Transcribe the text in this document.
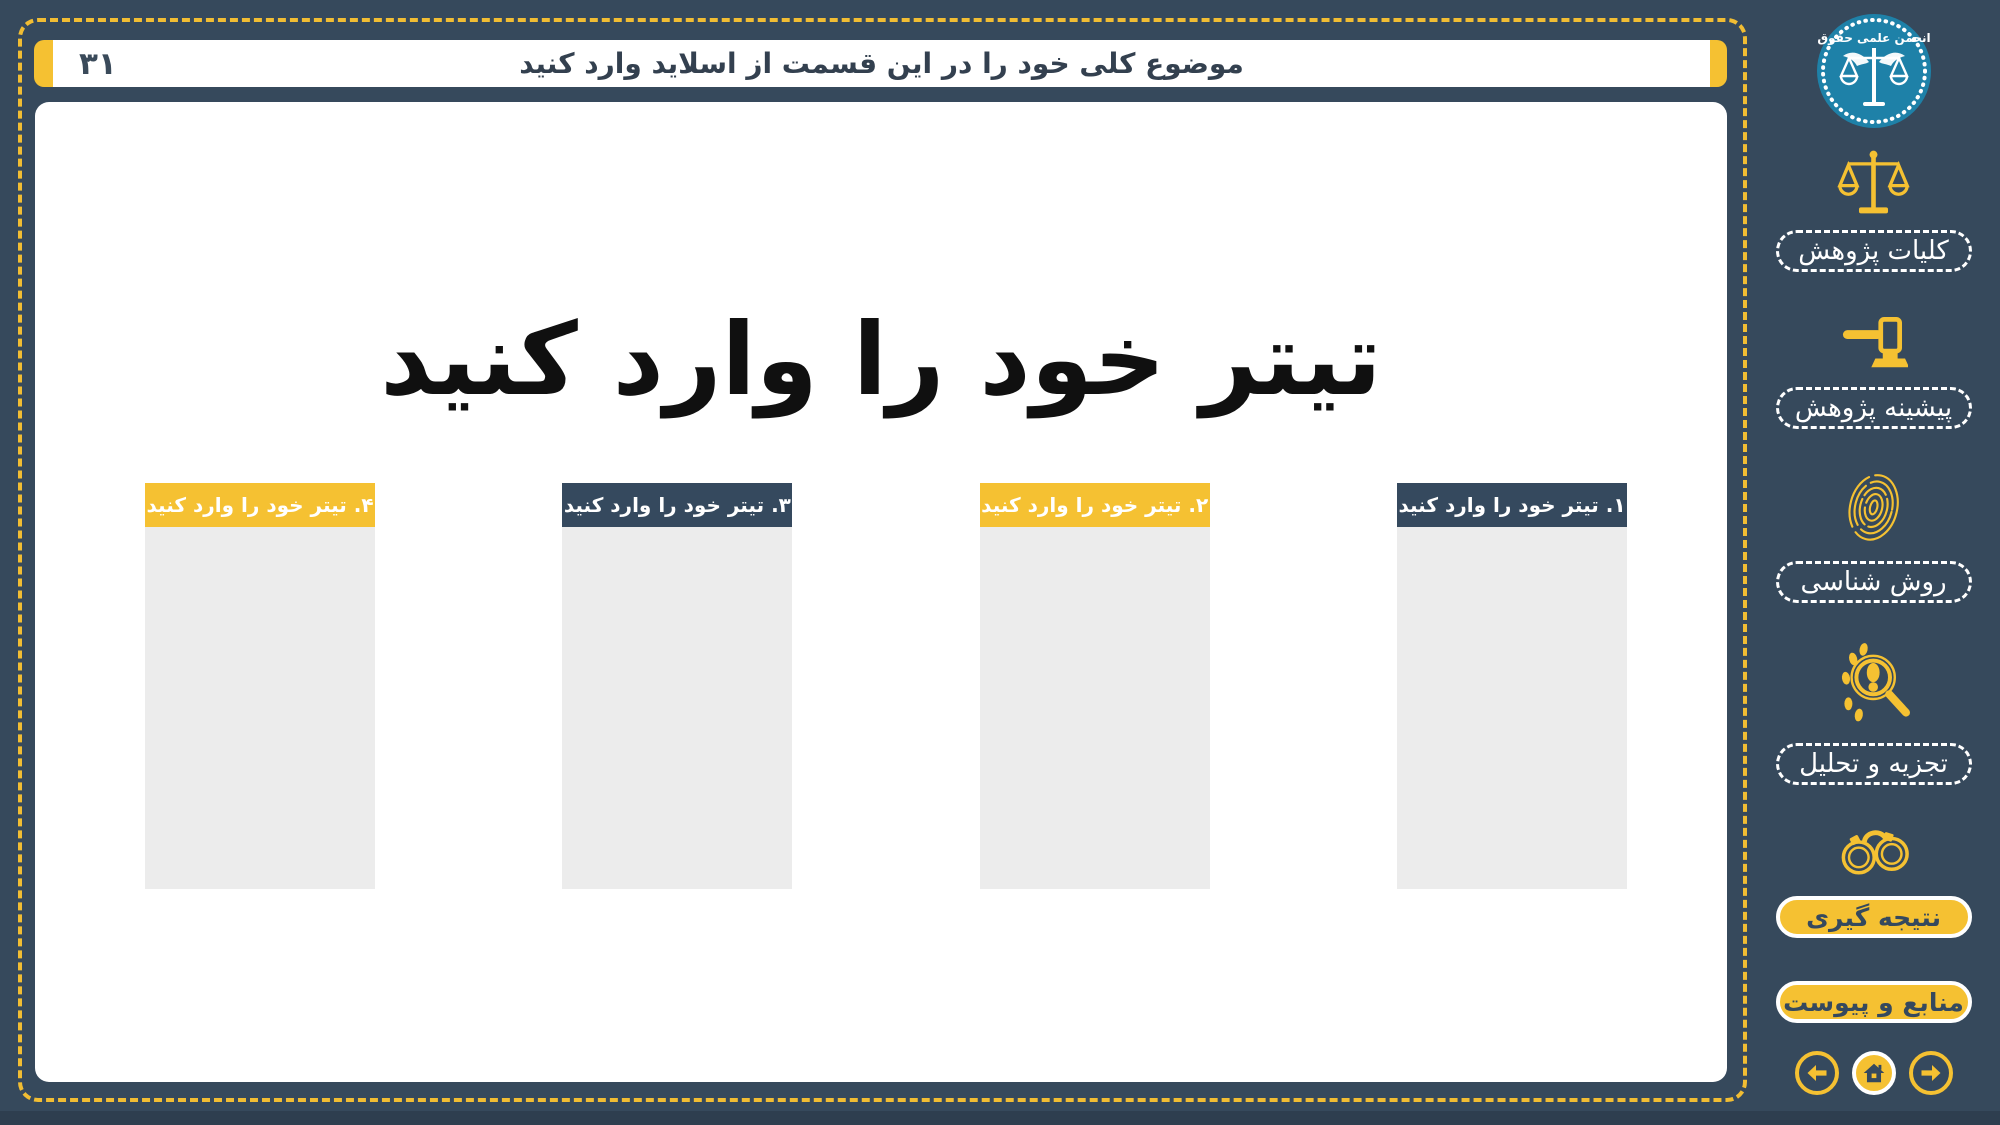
۳۱	موضوع کلی خود را در این قسمت از اسلاید وارد کنید
تیتر خود را وارد کنید
۱. تیتر خود را وارد کنید
۲. تیتر خود را وارد کنید
۳. تیتر خود را وارد کنید
۴. تیتر خود را وارد کنید
انجمن علمی حقوق
کلیات پژوهش
پیشینه پژوهش
روش شناسی
تجزیه و تحلیل
نتیجه گیری
منابع و پیوست
